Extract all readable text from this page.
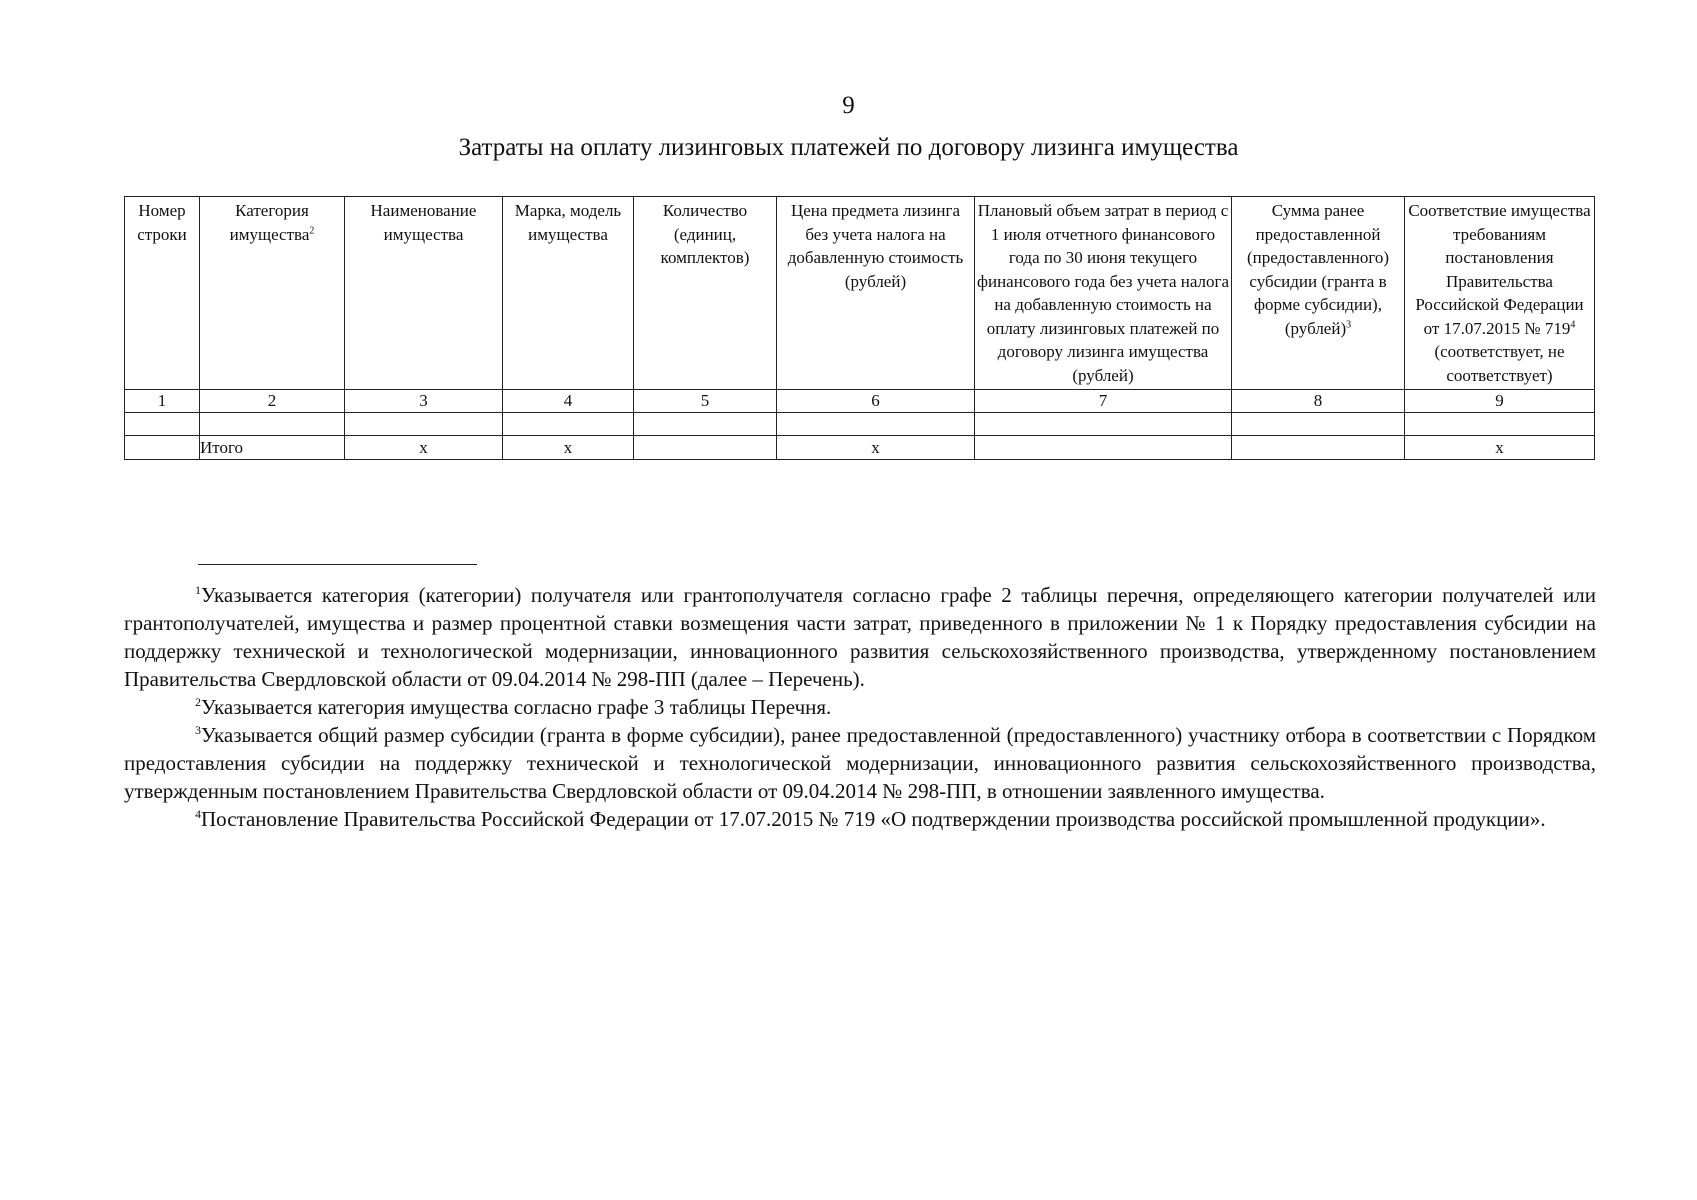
9
Затраты на оплату лизинговых платежей по договору лизинга имущества
Номер строки	Категория имущества$^2$	Наименование имущества	Марка, модель имущества	Количество (единиц, комплектов)	Цена предмета лизинга без учета налога на добавленную стоимость (рублей)	Плановый объем затрат в период с 1 июля отчетного финансового года по 30 июня текущего финансового года без учета налога на добавленную стоимость на оплату лизинговых платежей по договору лизинга имущества (рублей)	Сумма ранее предоставленной (предоставленного) субсидии (гранта в форме субсидии), (рублей)$^3$	Соответствие имущества требованиям постановления Правительства Российской Федерации от 17.07.2015 № $719^4$ (соответствует, не соответствует)
1	2	3	4	5	6	7	8	9

	Итого	x	x		x			x

$^1$Указывается категория (категории) получателя или грантополучателя согласно графе 2 таблицы перечня, определяющего категории получателей или грантополучателей, имущества и размер процентной ставки возмещения части затрат, приведенного в приложении № 1 к Порядку предоставления субсидии на поддержку технической и технологической модернизации, инновационного развития сельскохозяйственного производства, утвержденному постановлением Правительства Свердловской области от 09.04.2014 № 298-ПП (далее – Перечень).

$^2$Указывается категория имущества согласно графе 3 таблицы Перечня.

$^3$Указывается общий размер субсидии (гранта в форме субсидии), ранее предоставленной (предоставленного) участнику отбора в соответствии с Порядком предоставления субсидии на поддержку технической и технологической модернизации, инновационного развития сельскохозяйственного производства, утвержденным постановлением Правительства Свердловской области от 09.04.2014 № 298-ПП, в отношении заявленного имущества.

$^4$Постановление Правительства Российской Федерации от 17.07.2015 № 719 «О подтверждении производства российской промышленной продукции».
